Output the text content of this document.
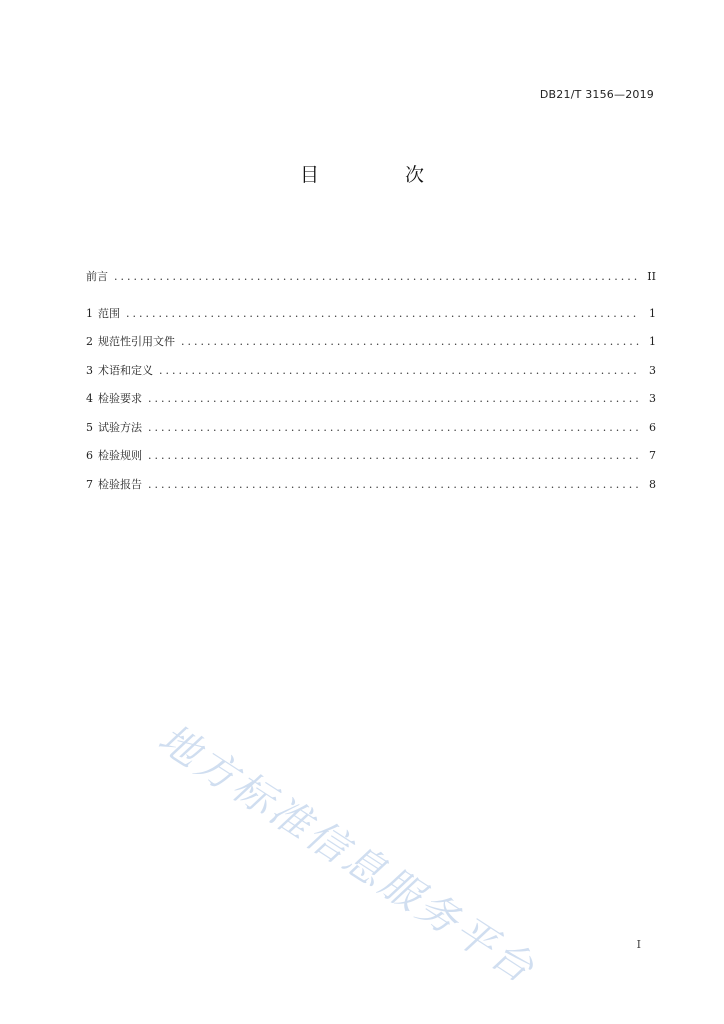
DB21/T 3156—2019
目 次
前言 .....	II
1 范围 .....	1
2 规范性引用文件 .....	1
3 术语和定义 .....	3
4 检验要求 .....	3
5 试验方法 .....	6
6 检验规则 .....	7
7 检验报告 .....	8
地方标准信息服务平台	I
